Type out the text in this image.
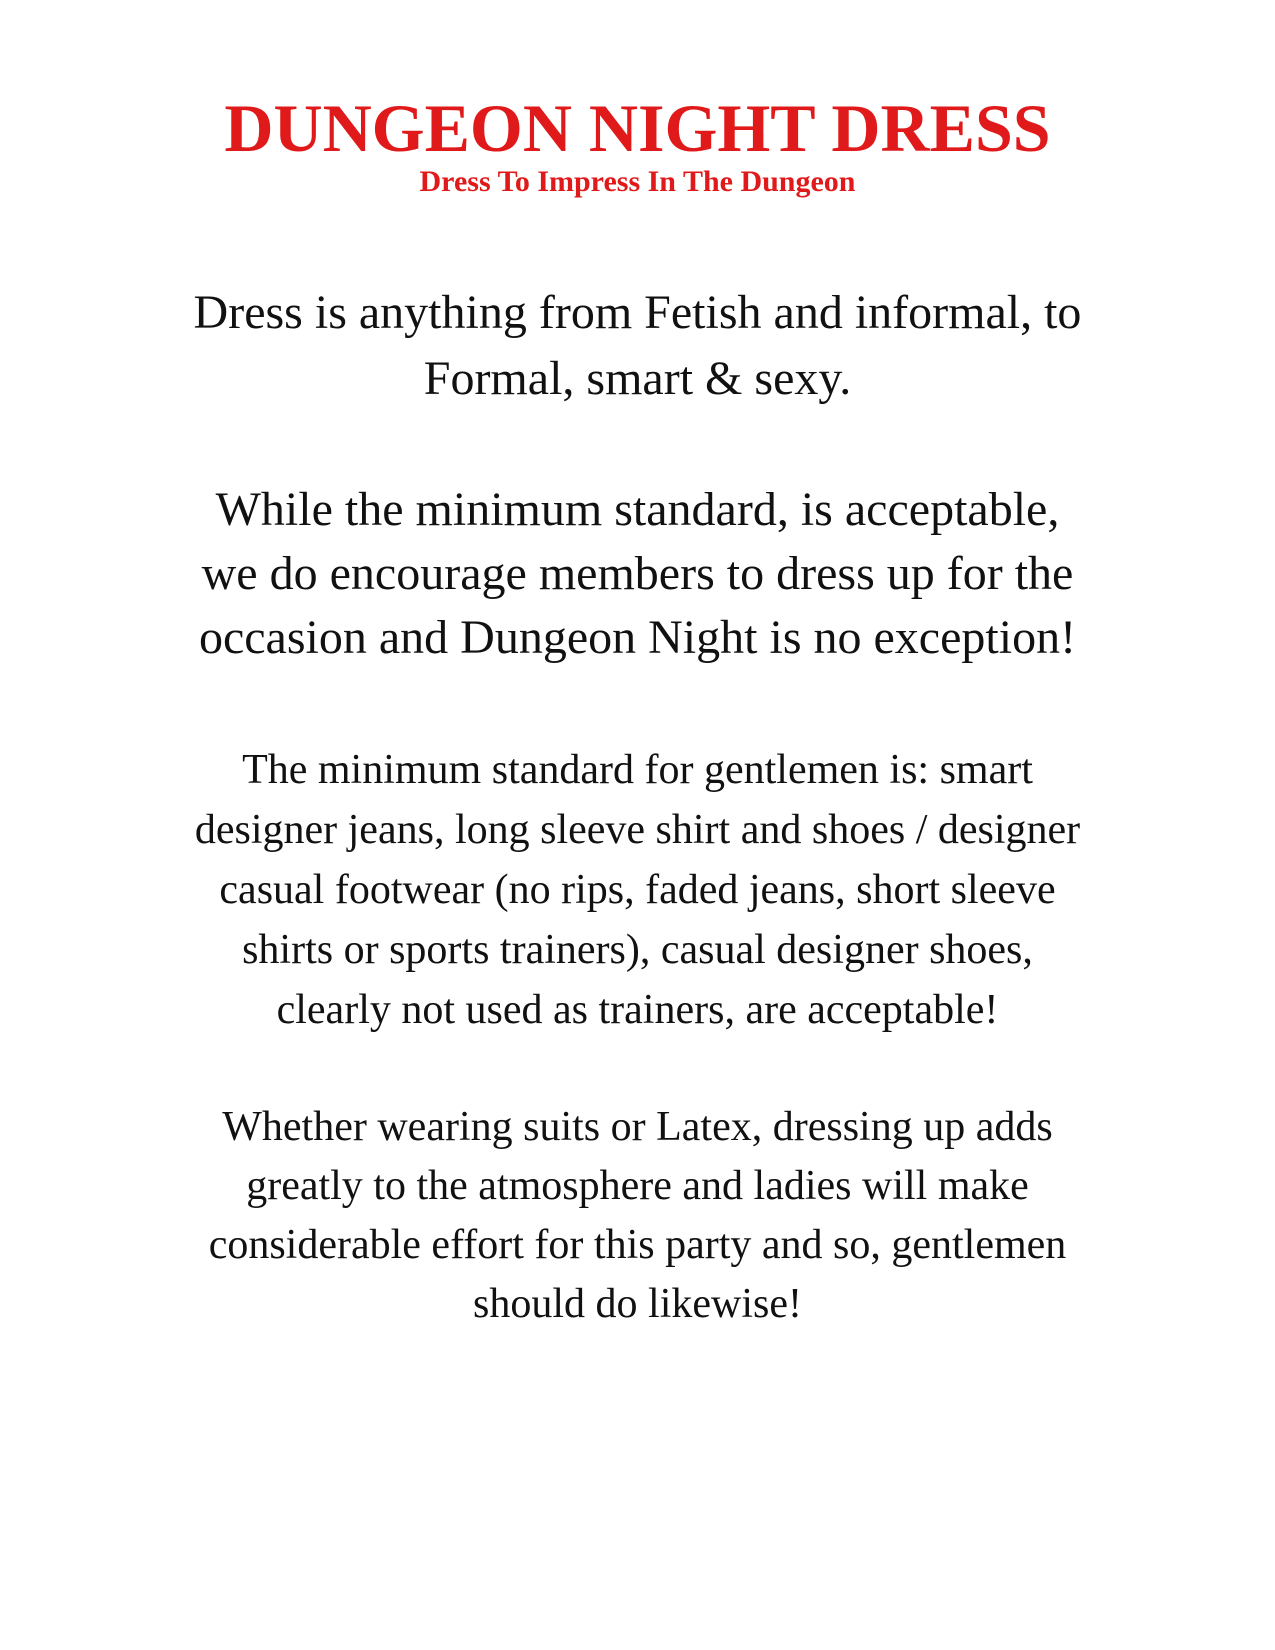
DUNGEON NIGHT DRESS
Dress To Impress In The Dungeon

Dress is anything from Fetish and informal, to
Formal, smart & sexy.

While the minimum standard, is acceptable,
we do encourage members to dress up for the
occasion and Dungeon Night is no exception!

The minimum standard for gentlemen is: smart
designer jeans, long sleeve shirt and shoes / designer
casual footwear (no rips, faded jeans, short sleeve
shirts or sports trainers), casual designer shoes,
clearly not used as trainers, are acceptable!

Whether wearing suits or Latex, dressing up adds
greatly to the atmosphere and ladies will make
considerable effort for this party and so, gentlemen
should do likewise!
